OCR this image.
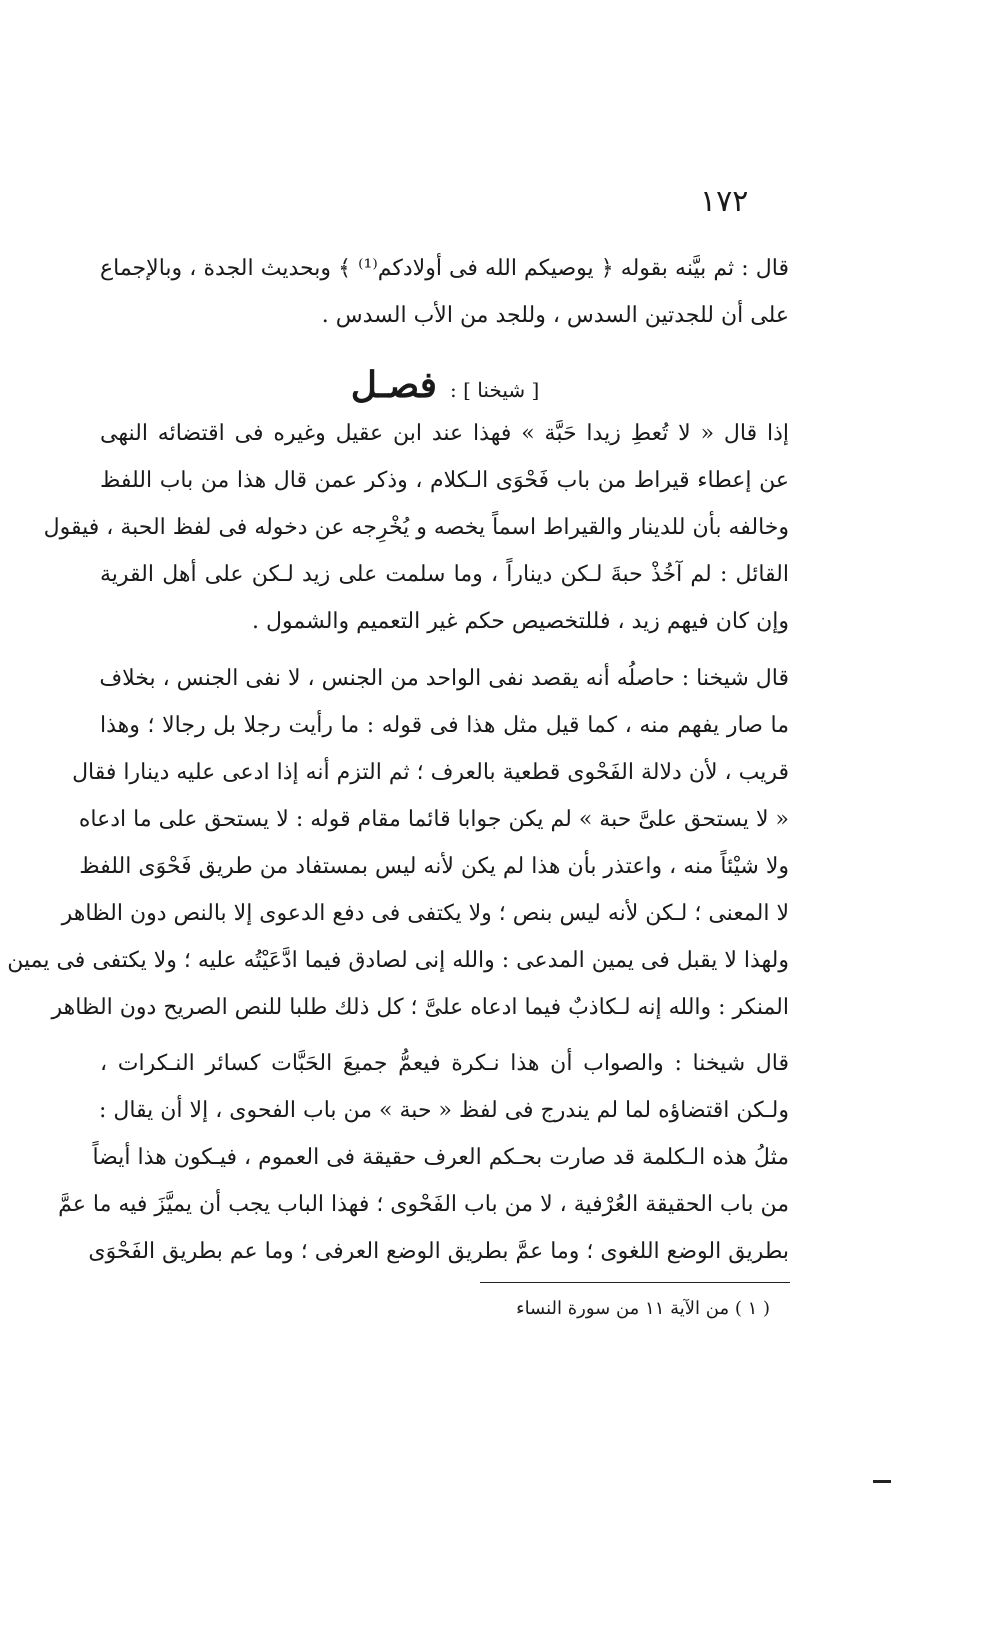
١٧٢
قال : ثم بيَّنه بقوله ﴿ يوصيكم الله فى أولادكم⁽¹⁾ ﴾ وبحديث الجدة ، وبالإجماع
على أن للجدتين السدس ، وللجد من الأب السدس .
[ شيخنا ] : فصـل
إذا قال « لا تُعطِ زيدا حَبَّة » فهذا عند ابن عقيل وغيره فى اقتضائه النهى
عن إعطاء قيراط من باب فَحْوَى الـكلام ، وذكر عمن قال هذا من باب اللفظ
وخالفه بأن للدينار والقيراط اسماً يخصه و يُخْرِجه عن دخوله فى لفظ الحبة ، فيقول
القائل : لم آخُذْ حبةَ لـكن ديناراً ، وما سلمت على زيد لـكن على أهل القرية
وإن كان فيهم زيد ، فللتخصيص حكم غير التعميم والشمول .
قال شيخنا : حاصلُه أنه يقصد نفى الواحد من الجنس ، لا نفى الجنس ، بخلاف
ما صار يفهم منه ، كما قيل مثل هذا فى قوله : ما رأيت رجلا بل رجالا ؛ وهذا
قريب ، لأن دلالة الفَحْوى قطعية بالعرف ؛ ثم التزم أنه إذا ادعى عليه دينارا فقال
« لا يستحق علىَّ حبة » لم يكن جوابا قائما مقام قوله : لا يستحق على ما ادعاه
ولا شيْئاً منه ، واعتذر بأن هذا لم يكن لأنه ليس بمستفاد من طريق فَحْوَى اللفظ
لا المعنى ؛ لـكن لأنه ليس بنص ؛ ولا يكتفى فى دفع الدعوى إلا بالنص دون الظاهر
ولهذا لا يقبل فى يمين المدعى : والله إنى لصادق فيما ادَّعَيْتُه عليه ؛ ولا يكتفى فى يمين
المنكر : والله إنه لـكاذبٌ فيما ادعاه علىَّ ؛ كل ذلك طلبا للنص الصريح دون الظاهر
قال شيخنا : والصواب أن هذا نـكرة فيعمُّ جميعَ الحَبَّات كسائر النـكرات ،
ولـكن اقتضاؤه لما لم يندرج فى لفظ « حبة » من باب الفحوى ، إلا أن يقال :
مثلُ هذه الـكلمة قد صارت بحـكم العرف حقيقة فى العموم ، فيـكون هذا أيضاً
من باب الحقيقة العُرْفية ، لا من باب الفَحْوى ؛ فهذا الباب يجب أن يميَّزَ فيه ما عمَّ
بطريق الوضع اللغوى ؛ وما عمَّ بطريق الوضع العرفى ؛ وما عم بطريق الفَحْوَى
( ١ ) من الآية ١١ من سورة النساء
